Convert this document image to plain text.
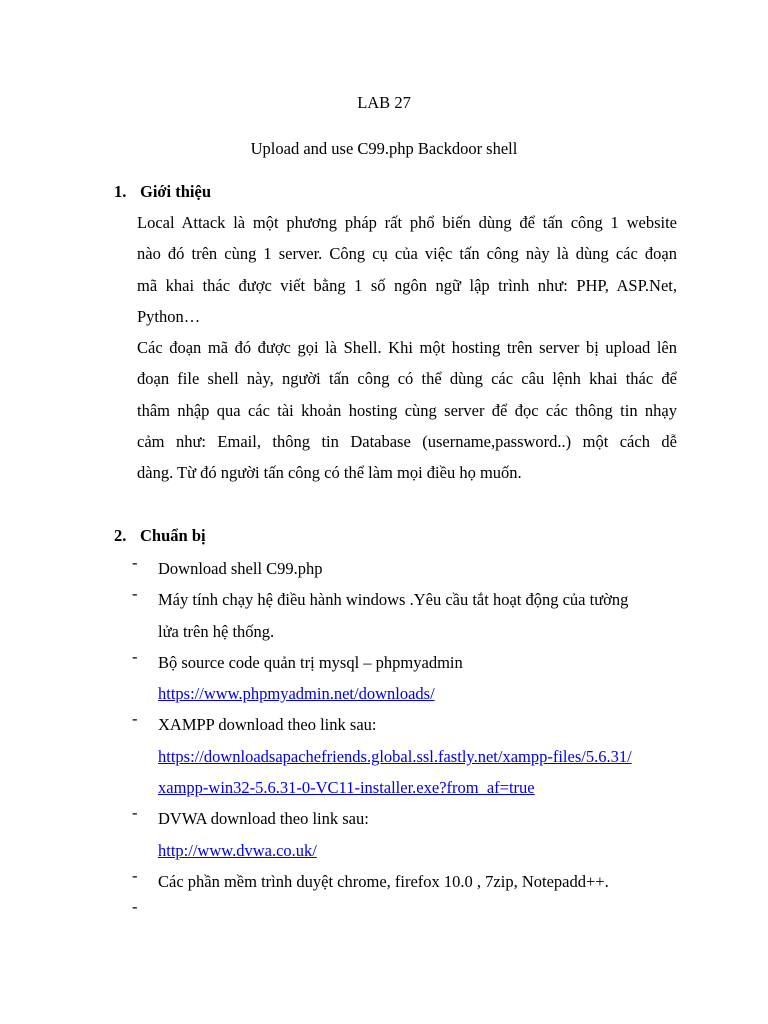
LAB 27
Upload and use C99.php Backdoor shell
1. Giới thiệu
Local Attack là một phương pháp rất phổ biến dùng để tấn công 1 website
nào đó trên cùng 1 server. Công cụ của việc tấn công này là dùng các đoạn
mã khai thác được viết bằng 1 số ngôn ngữ lập trình như: PHP, ASP.Net,
Python…
Các đoạn mã đó được gọi là Shell. Khi một hosting trên server bị upload lên
đoạn file shell này, người tấn công có thể dùng các câu lệnh khai thác để
thâm nhập qua các tài khoản hosting cùng server để đọc các thông tin nhạy
cảm như: Email, thông tin Database (username,password..) một cách dễ
dàng. Từ đó người tấn công có thể làm mọi điều họ muốn.
2. Chuẩn bị
- Download shell C99.php
- Máy tính chạy hệ điều hành windows .Yêu cầu tắt hoạt động của tường
lửa trên hệ thống.
- Bộ source code quản trị mysql – phpmyadmin
https://www.phpmyadmin.net/downloads/
- XAMPP download theo link sau:
https://downloadsapachefriends.global.ssl.fastly.net/xampp-files/5.6.31/
xampp-win32-5.6.31-0-VC11-installer.exe?from_af=true
- DVWA download theo link sau:
http://www.dvwa.co.uk/
- Các phần mềm trình duyệt chrome, firefox 10.0 , 7zip, Notepadd++.
-
